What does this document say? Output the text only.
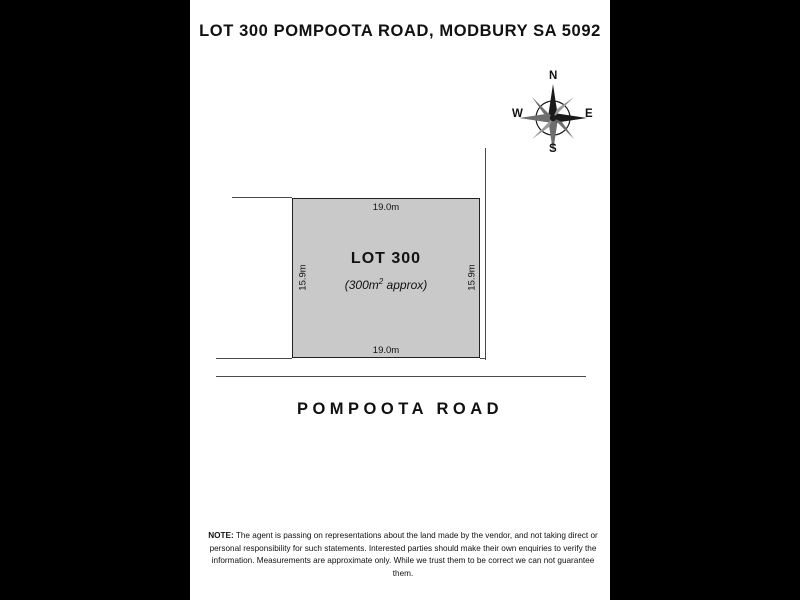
LOT 300 POMPOOTA ROAD, MODBURY SA 5092
N
S
E
W
LOT 300
($300m^2$ approx)
19.0m
19.0m
15.9m	15.9m
POMPOOTA ROAD
NOTE: The agent is passing on representations about the land made by the vendor, and not taking direct or personal responsibility for such statements. Interested parties should make their own enquiries to verify the information. Measurements are approximate only. While we trust them to be correct we can not guarantee them.
